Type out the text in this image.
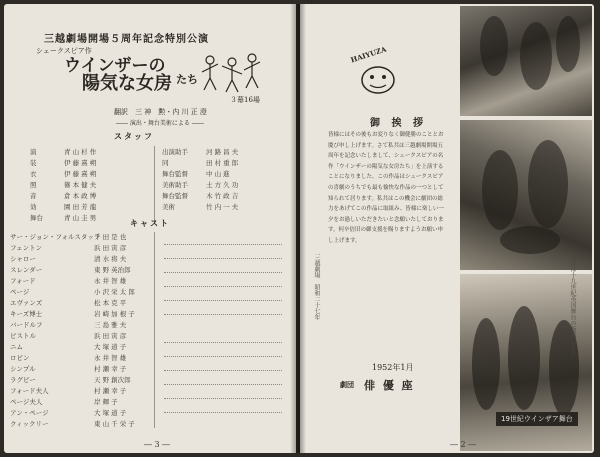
三越劇場開場５周年記念特別公演
シェークスピア作
ウインザーの
陽気な女房 たち
３幕16場
翻訳　三 神　勲・内 川 正 澄
―― 演出・舞台美術による ――
スタッフ
演	青 山 杉 作
装	伊 藤 熹 朔
衣	伊 藤 熹 朔
照	篠 本 健 夫
音	倉 本 政 博
効	園 田 芳 龍
舞台	青 山 圭 男
出演助手	河 路 昌 夫
同	田 村 重 郎
舞台監督	中 山 進
美術助手	土 方 久 功
舞台監督	木 竹 政 吉
美術	竹 内 一 夫
キャスト
サー・ジョン・フォルスタッフ千 田 是 也
フェントン	浜 田 寅 彦
シャロー	清 水 将 夫
スレンダー	東 野 英治郎
フォード	永 井 智 雄
ページ	小 沢 栄 太 郎
エヴァンズ	松 本 克 平
キーズ博士	岩 崎 加 根 子
バードルフ	三 島 雅 夫
ピストル	浜 田 寅 彦
ニム	大 塚 道 子
ロビン	永 井 智 雄
シンプル	村 瀬 幸 子
ラグビー	天 野 創次郎
フォード夫人	村 瀬 幸 子
ページ夫人	岸 輝 子
アン・ページ	大 塚 道 子
クィックリー	東 山 千 栄 子
― 3 ―
HAIYUZA
御 挨 拶
皆様にはその後もお変りなく御健勝のこととお慶び申し上げます。さて私共は三越劇場開場五周年を記念いたしまして、シェークスピアの名作「ウインザーの陽気な女房たち」を上演することになりました。この作品はシェークスピアの喜劇のうちでも最も愉快な作品の一つとして知られて居ります。私共はこの機会に劇団の総力をあげてこの作品に取組み、皆様に楽しい一夕をお過しいただきたいと念願いたしております。何卒倍旧の御支援を賜りますようお願い申し上げます。
1952年1月
劇団 俳 優 座
三越劇場　昭和二十七年	写真は十九世紀英国舞台の版画による
19世紀ウインザア舞台
― 2 ―
